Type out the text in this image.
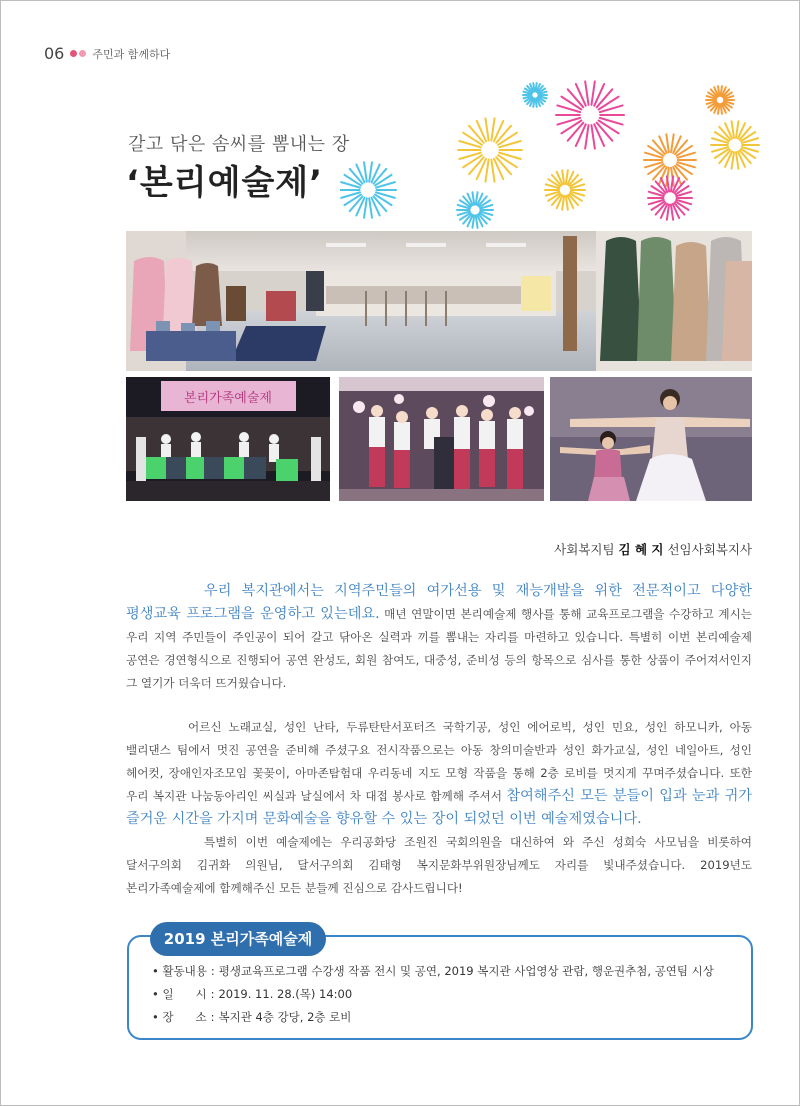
06	주민과 함께하다
갈고 닦은 솜씨를 뽐내는 장
‘본리예술제’
본리가족예술제
사회복지팀 김 혜 지 선임사회복지사
우리 복지관에서는 지역주민들의 여가선용 및 재능개발을 위한 전문적이고 다양한 평생교육 프로그램을 운영하고 있는데요. 매년 연말이면 본리예술제 행사를 통해 교육프로그램을 수강하고 계시는 우리 지역 주민들이 주인공이 되어 갈고 닦아온 실력과 끼를 뽐내는 자리를 마련하고 있습니다. 특별히 이번 본리예술제 공연은 경연형식으로 진행되어 공연 완성도, 회원 참여도, 대중성, 준비성 등의 항목으로 심사를 통한 상품이 주어져서인지 그 열기가 더욱더 뜨거웠습니다.
어르신 노래교실, 성인 난타, 두류탄탄서포터즈 국학기공, 성인 에어로빅, 성인 민요, 성인 하모니카, 아동 밸리댄스 팀에서 멋진 공연을 준비해 주셨구요 전시작품으로는 아동 창의미술반과 성인 화가교실, 성인 네일아트, 성인 헤어컷, 장애인자조모임 꽃꽂이, 아마존탐험대 우리동네 지도 모형 작품을 통해 2층 로비를 멋지게 꾸며주셨습니다. 또한 우리 복지관 나눔동아리인 씨실과 날실에서 차 대접 봉사로 함께해 주셔서 참여해주신 모든 분들이 입과 눈과 귀가 즐거운 시간을 가지며 문화예술을 향유할 수 있는 장이 되었던 이번 예술제였습니다.
특별히 이번 예술제에는 우리공화당 조원진 국회의원을 대신하여 와 주신 성희숙 사모님을 비롯하여 달서구의회 김귀화 의원님, 달서구의회 김태형 복지문화부위원장님께도 자리를 빛내주셨습니다. 2019년도 본리가족예술제에 함께해주신 모든 분들께 진심으로 감사드립니다!
2019 본리가족예술제
• 활동내용 : 평생교육프로그램 수강생 작품 전시 및 공연, 2019 복지관 사업영상 관람, 행운권추첨, 공연팀 시상
• 일      시 : 2019. 11. 28.(목) 14:00
• 장      소 : 복지관 4층 강당, 2층 로비
